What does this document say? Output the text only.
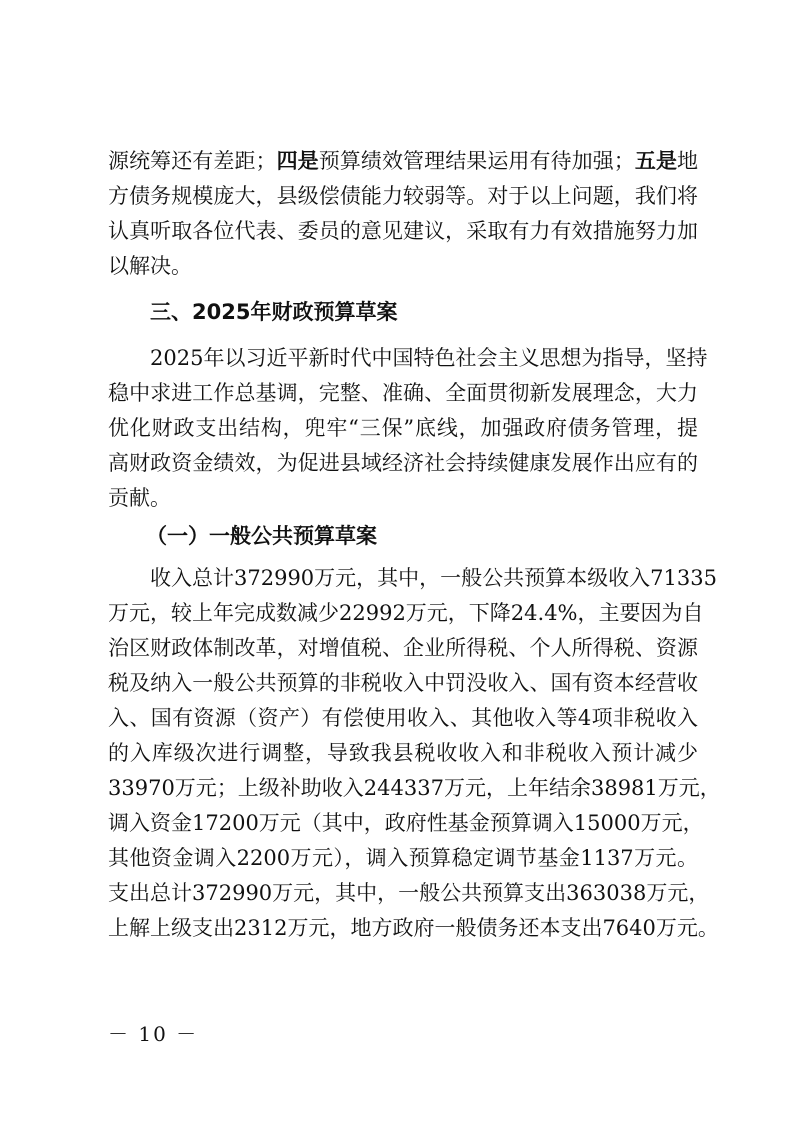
源统筹还有差距；四是预算绩效管理结果运用有待加强；五是地
方债务规模庞大，县级偿债能力较弱等。对于以上问题，我们将
认真听取各位代表、委员的意见建议，采取有力有效措施努力加
以解决。
三、2025年财政预算草案
2025年以习近平新时代中国特色社会主义思想为指导，坚持
稳中求进工作总基调，完整、准确、全面贯彻新发展理念，大力
优化财政支出结构，兜牢“三保”底线，加强政府债务管理，提
高财政资金绩效，为促进县域经济社会持续健康发展作出应有的
贡献。
（一）一般公共预算草案
收入总计372990万元，其中，一般公共预算本级收入71335
万元，较上年完成数减少22992万元，下降24.4%，主要因为自
治区财政体制改革，对增值税、企业所得税、个人所得税、资源
税及纳入一般公共预算的非税收入中罚没收入、国有资本经营收
入、国有资源（资产）有偿使用收入、其他收入等4项非税收入
的入库级次进行调整，导致我县税收收入和非税收入预计减少
33970万元；上级补助收入244337万元，上年结余38981万元，
调入资金17200万元（其中，政府性基金预算调入15000万元，
其他资金调入2200万元），调入预算稳定调节基金1137万元。
支出总计372990万元，其中，一般公共预算支出363038万元，
上解上级支出2312万元，地方政府一般债务还本支出7640万元。
－ 10 －
